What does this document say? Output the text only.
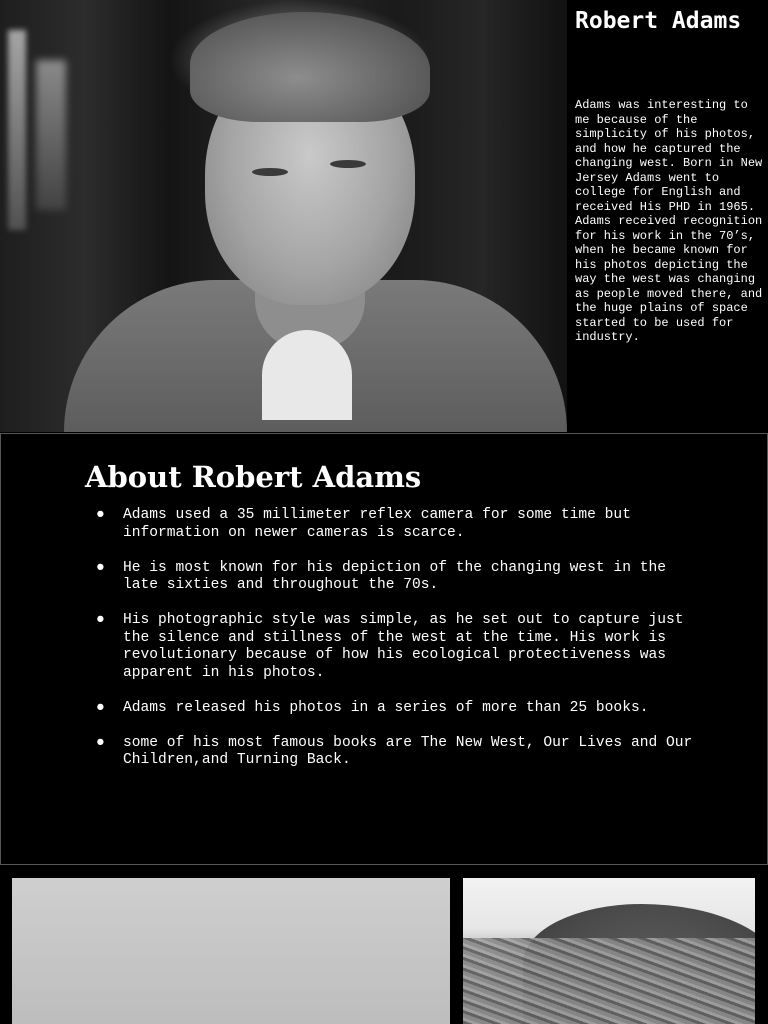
Robert Adams

Adams was interesting to me because of the simplicity of his photos, and how he captured the changing west. Born in New Jersey Adams went to college for English and received His PHD in 1965. Adams received recognition for his work in the 70’s, when he became known for his photos depicting the way the west was changing as people moved there, and the huge plains of space started to be used for industry.

About Robert Adams
● Adams used a 35 millimeter reflex camera for some time but information on newer cameras is scarce.
● He is most known for his depiction of the changing west in the late sixties and throughout the 70s.
● His photographic style was simple, as he set out to capture just the silence and stillness of the west at the time. His work is revolutionary because of how his ecological protectiveness was apparent in his photos.
● Adams released his photos in a series of more than 25 books.
● some of his most famous books are The New West, Our Lives and Our Children,and Turning Back.
